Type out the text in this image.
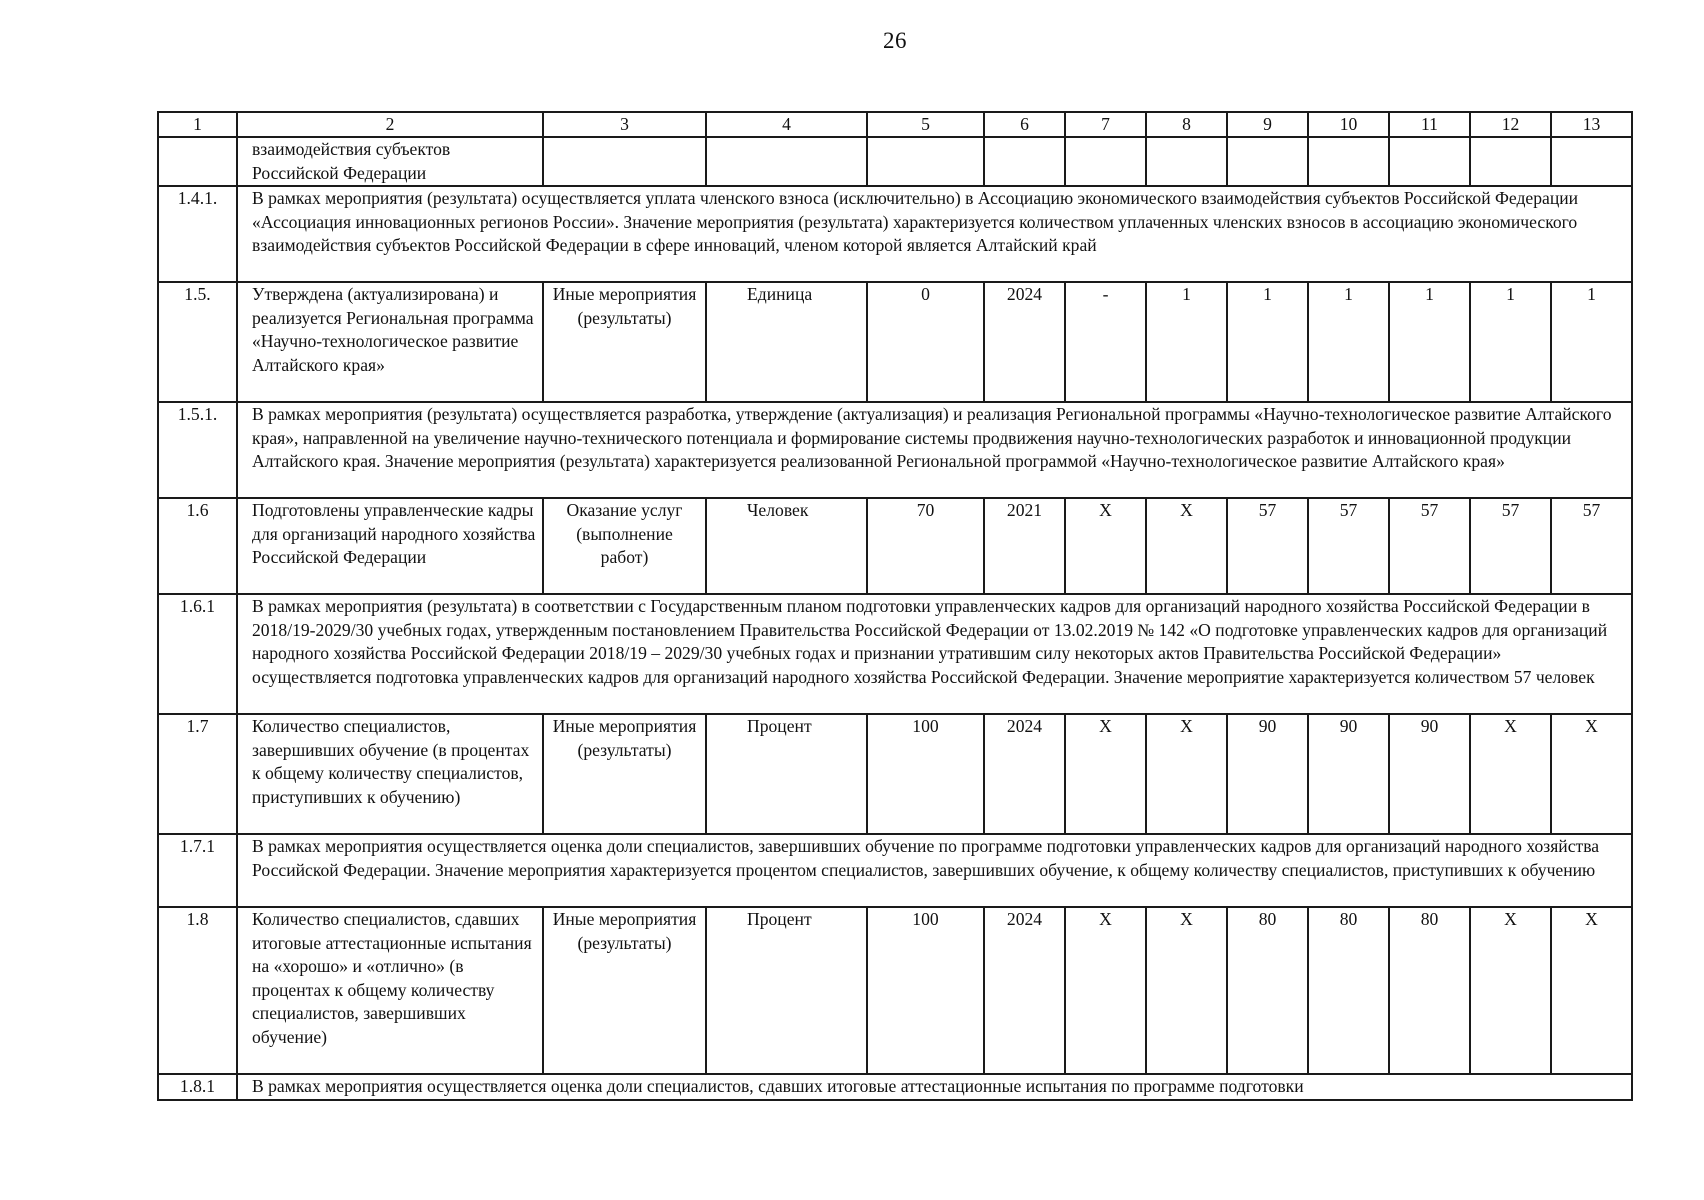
26
1	2	3	4	5	6	7	8	9	10	11	12	13
	взаимодействия субъектов Российской Федерации											
1.4.1.	В рамках мероприятия (результата) осуществляется уплата членского взноса (исключительно) в Ассоциацию экономического взаимодействия субъектов Российской Федерации «Ассоциация инновационных регионов России». Значение мероприятия (результата) характеризуется количеством уплаченных членских взносов в ассоциацию экономического взаимодействия субъектов Российской Федерации в сфере инноваций, членом которой является Алтайский край											
1.5.	Утверждена (актуализирована) и реализуется Региональная программа «Научно-технологическое развитие Алтайского края»	Иные мероприятия (результаты)	Единица	0	2024	-	1	1	1	1	1	1
1.5.1.	В рамках мероприятия (результата) осуществляется разработка, утверждение (актуализация) и реализация Региональной программы «Научно-технологическое развитие Алтайского края», направленной на увеличение научно-технического потенциала и формирование системы продвижения научно-технологических разработок и инновационной продукции Алтайского края. Значение мероприятия (результата) характеризуется реализованной Региональной программой «Научно-технологическое развитие Алтайского края»											
1.6	Подготовлены управленческие кадры для организаций народного хозяйства Российской Федерации	Оказание услуг (выполнение работ)	Человек	70	2021	X	X	57	57	57	57	57
1.6.1	В рамках мероприятия (результата) в соответствии с Государственным планом подготовки управленческих кадров для организаций народного хозяйства Российской Федерации в 2018/19-2029/30 учебных годах, утвержденным постановлением Правительства Российской Федерации от 13.02.2019 № 142 «О подготовке управленческих кадров для организаций народного хозяйства Российской Федерации 2018/19 – 2029/30 учебных годах и признании утратившим силу некоторых актов Правительства Российской Федерации» осуществляется подготовка управленческих кадров для организаций народного хозяйства Российской Федерации. Значение мероприятие характеризуется количеством 57 человек											
1.7	Количество специалистов, завершивших обучение (в процентах к общему количеству специалистов, приступивших к обучению)	Иные мероприятия (результаты)	Процент	100	2024	X	X	90	90	90	X	X
1.7.1	В рамках мероприятия осуществляется оценка доли специалистов, завершивших обучение по программе подготовки управленческих кадров для организаций народного хозяйства Российской Федерации. Значение мероприятия характеризуется процентом специалистов, завершивших обучение, к общему количеству специалистов, приступивших к обучению											
1.8	Количество специалистов, сдавших итоговые аттестационные испытания на «хорошо» и «отлично» (в процентах к общему количеству специалистов, завершивших обучение)	Иные мероприятия (результаты)	Процент	100	2024	X	X	80	80	80	X	X
1.8.1	В рамках мероприятия осуществляется оценка доли специалистов, сдавших итоговые аттестационные испытания по программе подготовки											
